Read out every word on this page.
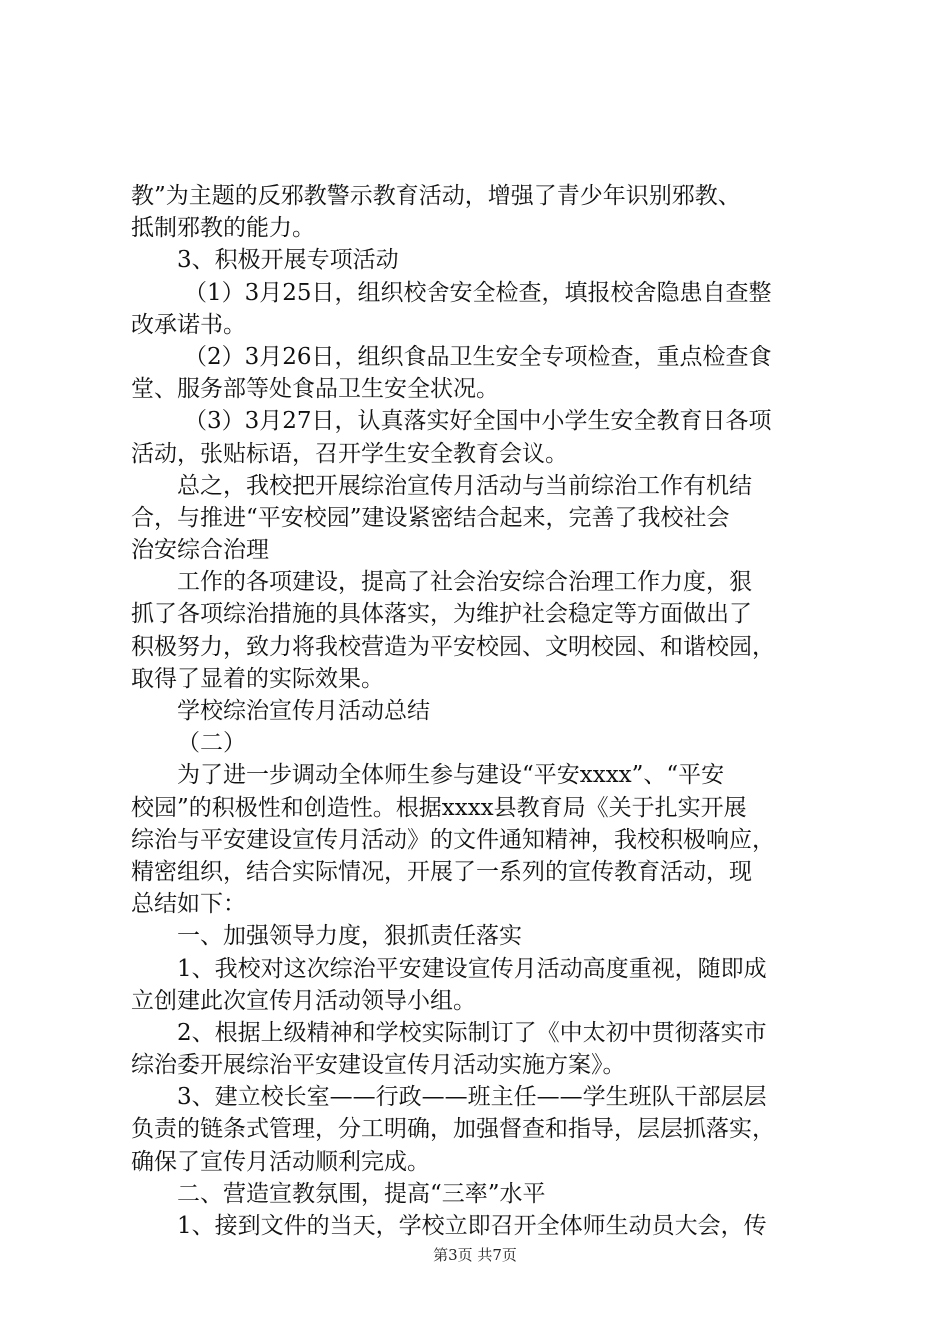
教”为主题的反邪教警示教育活动，增强了青少年识别邪教、
抵制邪教的能力。
3、积极开展专项活动
（1）3月25日，组织校舍安全检查，填报校舍隐患自查整
改承诺书。
（2）3月26日，组织食品卫生安全专项检查，重点检查食
堂、服务部等处食品卫生安全状况。
（3）3月27日，认真落实好全国中小学生安全教育日各项
活动，张贴标语，召开学生安全教育会议。
总之，我校把开展综治宣传月活动与当前综治工作有机结
合，与推进“平安校园”建设紧密结合起来，完善了我校社会
治安综合治理
工作的各项建设，提高了社会治安综合治理工作力度，狠
抓了各项综治措施的具体落实，为维护社会稳定等方面做出了
积极努力，致力将我校营造为平安校园、文明校园、和谐校园，
取得了显着的实际效果。
学校综治宣传月活动总结
（二）
为了进一步调动全体师生参与建设“平安xxxx”、“平安
校园”的积极性和创造性。根据xxxx县教育局《关于扎实开展
综治与平安建设宣传月活动》的文件通知精神，我校积极响应，
精密组织，结合实际情况，开展了一系列的宣传教育活动，现
总结如下：
一、加强领导力度，狠抓责任落实
1、我校对这次综治平安建设宣传月活动高度重视，随即成
立创建此次宣传月活动领导小组。
2、根据上级精神和学校实际制订了《中太初中贯彻落实市
综治委开展综治平安建设宣传月活动实施方案》。
3、建立校长室——行政——班主任——学生班队干部层层
负责的链条式管理，分工明确，加强督查和指导，层层抓落实，
确保了宣传月活动顺利完成。
二、营造宣教氛围，提高“三率”水平
1、接到文件的当天，学校立即召开全体师生动员大会，传
第3页 共7页
